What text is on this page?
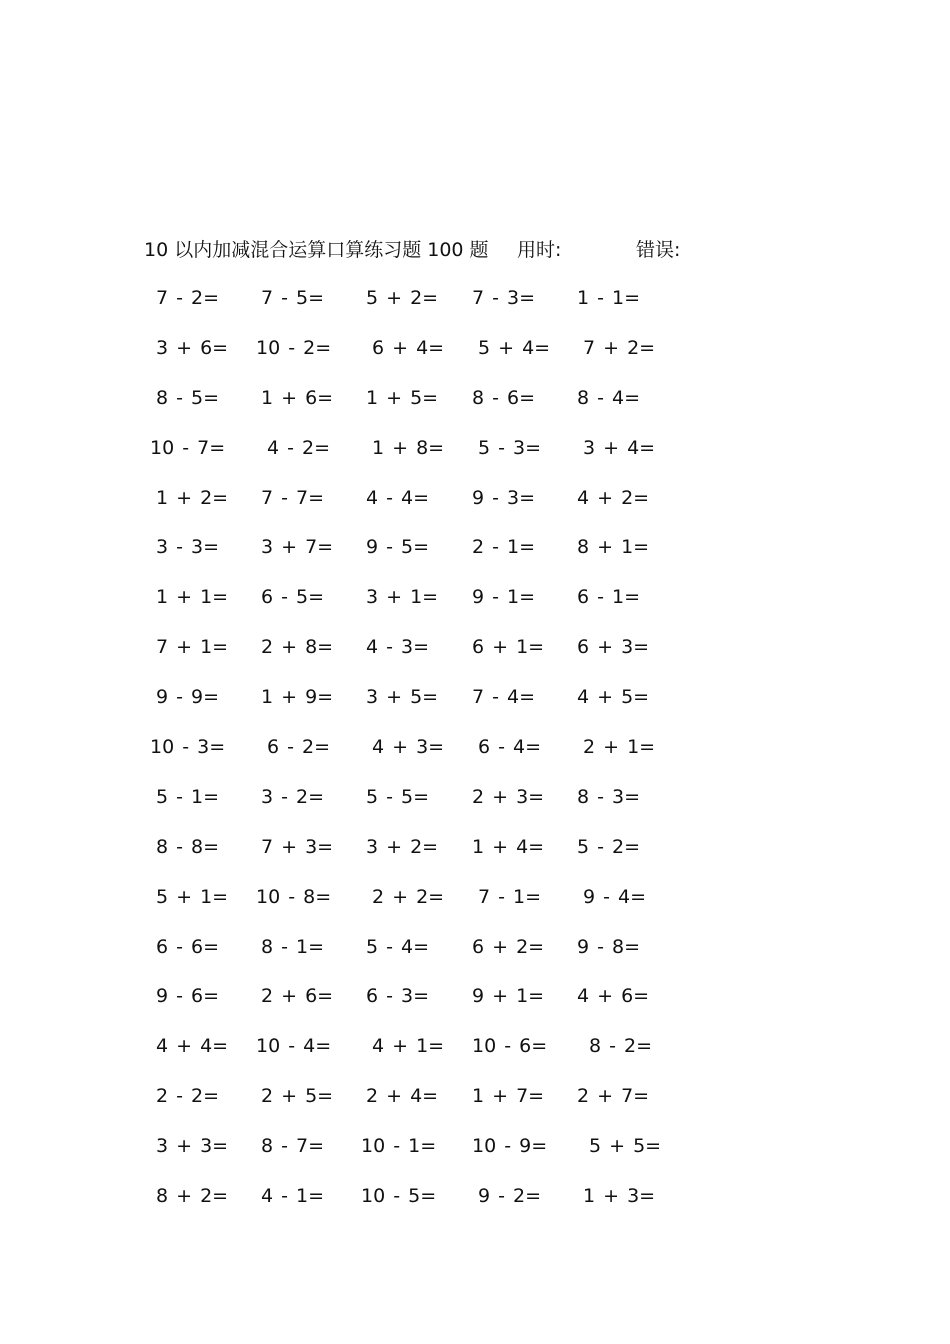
10 以内加减混合运算口算练习题 100 题 用时:	错误:
7 - 2= 7 - 5= 5 + 2= 7 - 3= 1 - 1=
3 + 6= 10 - 2= 6 + 4= 5 + 4= 7 + 2=
8 - 5= 1 + 6= 1 + 5= 8 - 6= 8 - 4=
10 - 7= 4 - 2= 1 + 8= 5 - 3= 3 + 4=
1 + 2= 7 - 7= 4 - 4= 9 - 3= 4 + 2=
3 - 3= 3 + 7= 9 - 5= 2 - 1= 8 + 1=
1 + 1= 6 - 5= 3 + 1= 9 - 1= 6 - 1=
7 + 1= 2 + 8= 4 - 3= 6 + 1= 6 + 3=
9 - 9= 1 + 9= 3 + 5= 7 - 4= 4 + 5=
10 - 3= 6 - 2= 4 + 3= 6 - 4= 2 + 1=
5 - 1= 3 - 2= 5 - 5= 2 + 3= 8 - 3=
8 - 8= 7 + 3= 3 + 2= 1 + 4= 5 - 2=
5 + 1= 10 - 8= 2 + 2= 7 - 1= 9 - 4=
6 - 6= 8 - 1= 5 - 4= 6 + 2= 9 - 8=
9 - 6= 2 + 6= 6 - 3= 9 + 1= 4 + 6=
4 + 4= 10 - 4= 4 + 1= 10 - 6= 8 - 2=
2 - 2= 2 + 5= 2 + 4= 1 + 7= 2 + 7=
3 + 3= 8 - 7= 10 - 1= 10 - 9= 5 + 5=
8 + 2= 4 - 1= 10 - 5= 9 - 2= 1 + 3=
